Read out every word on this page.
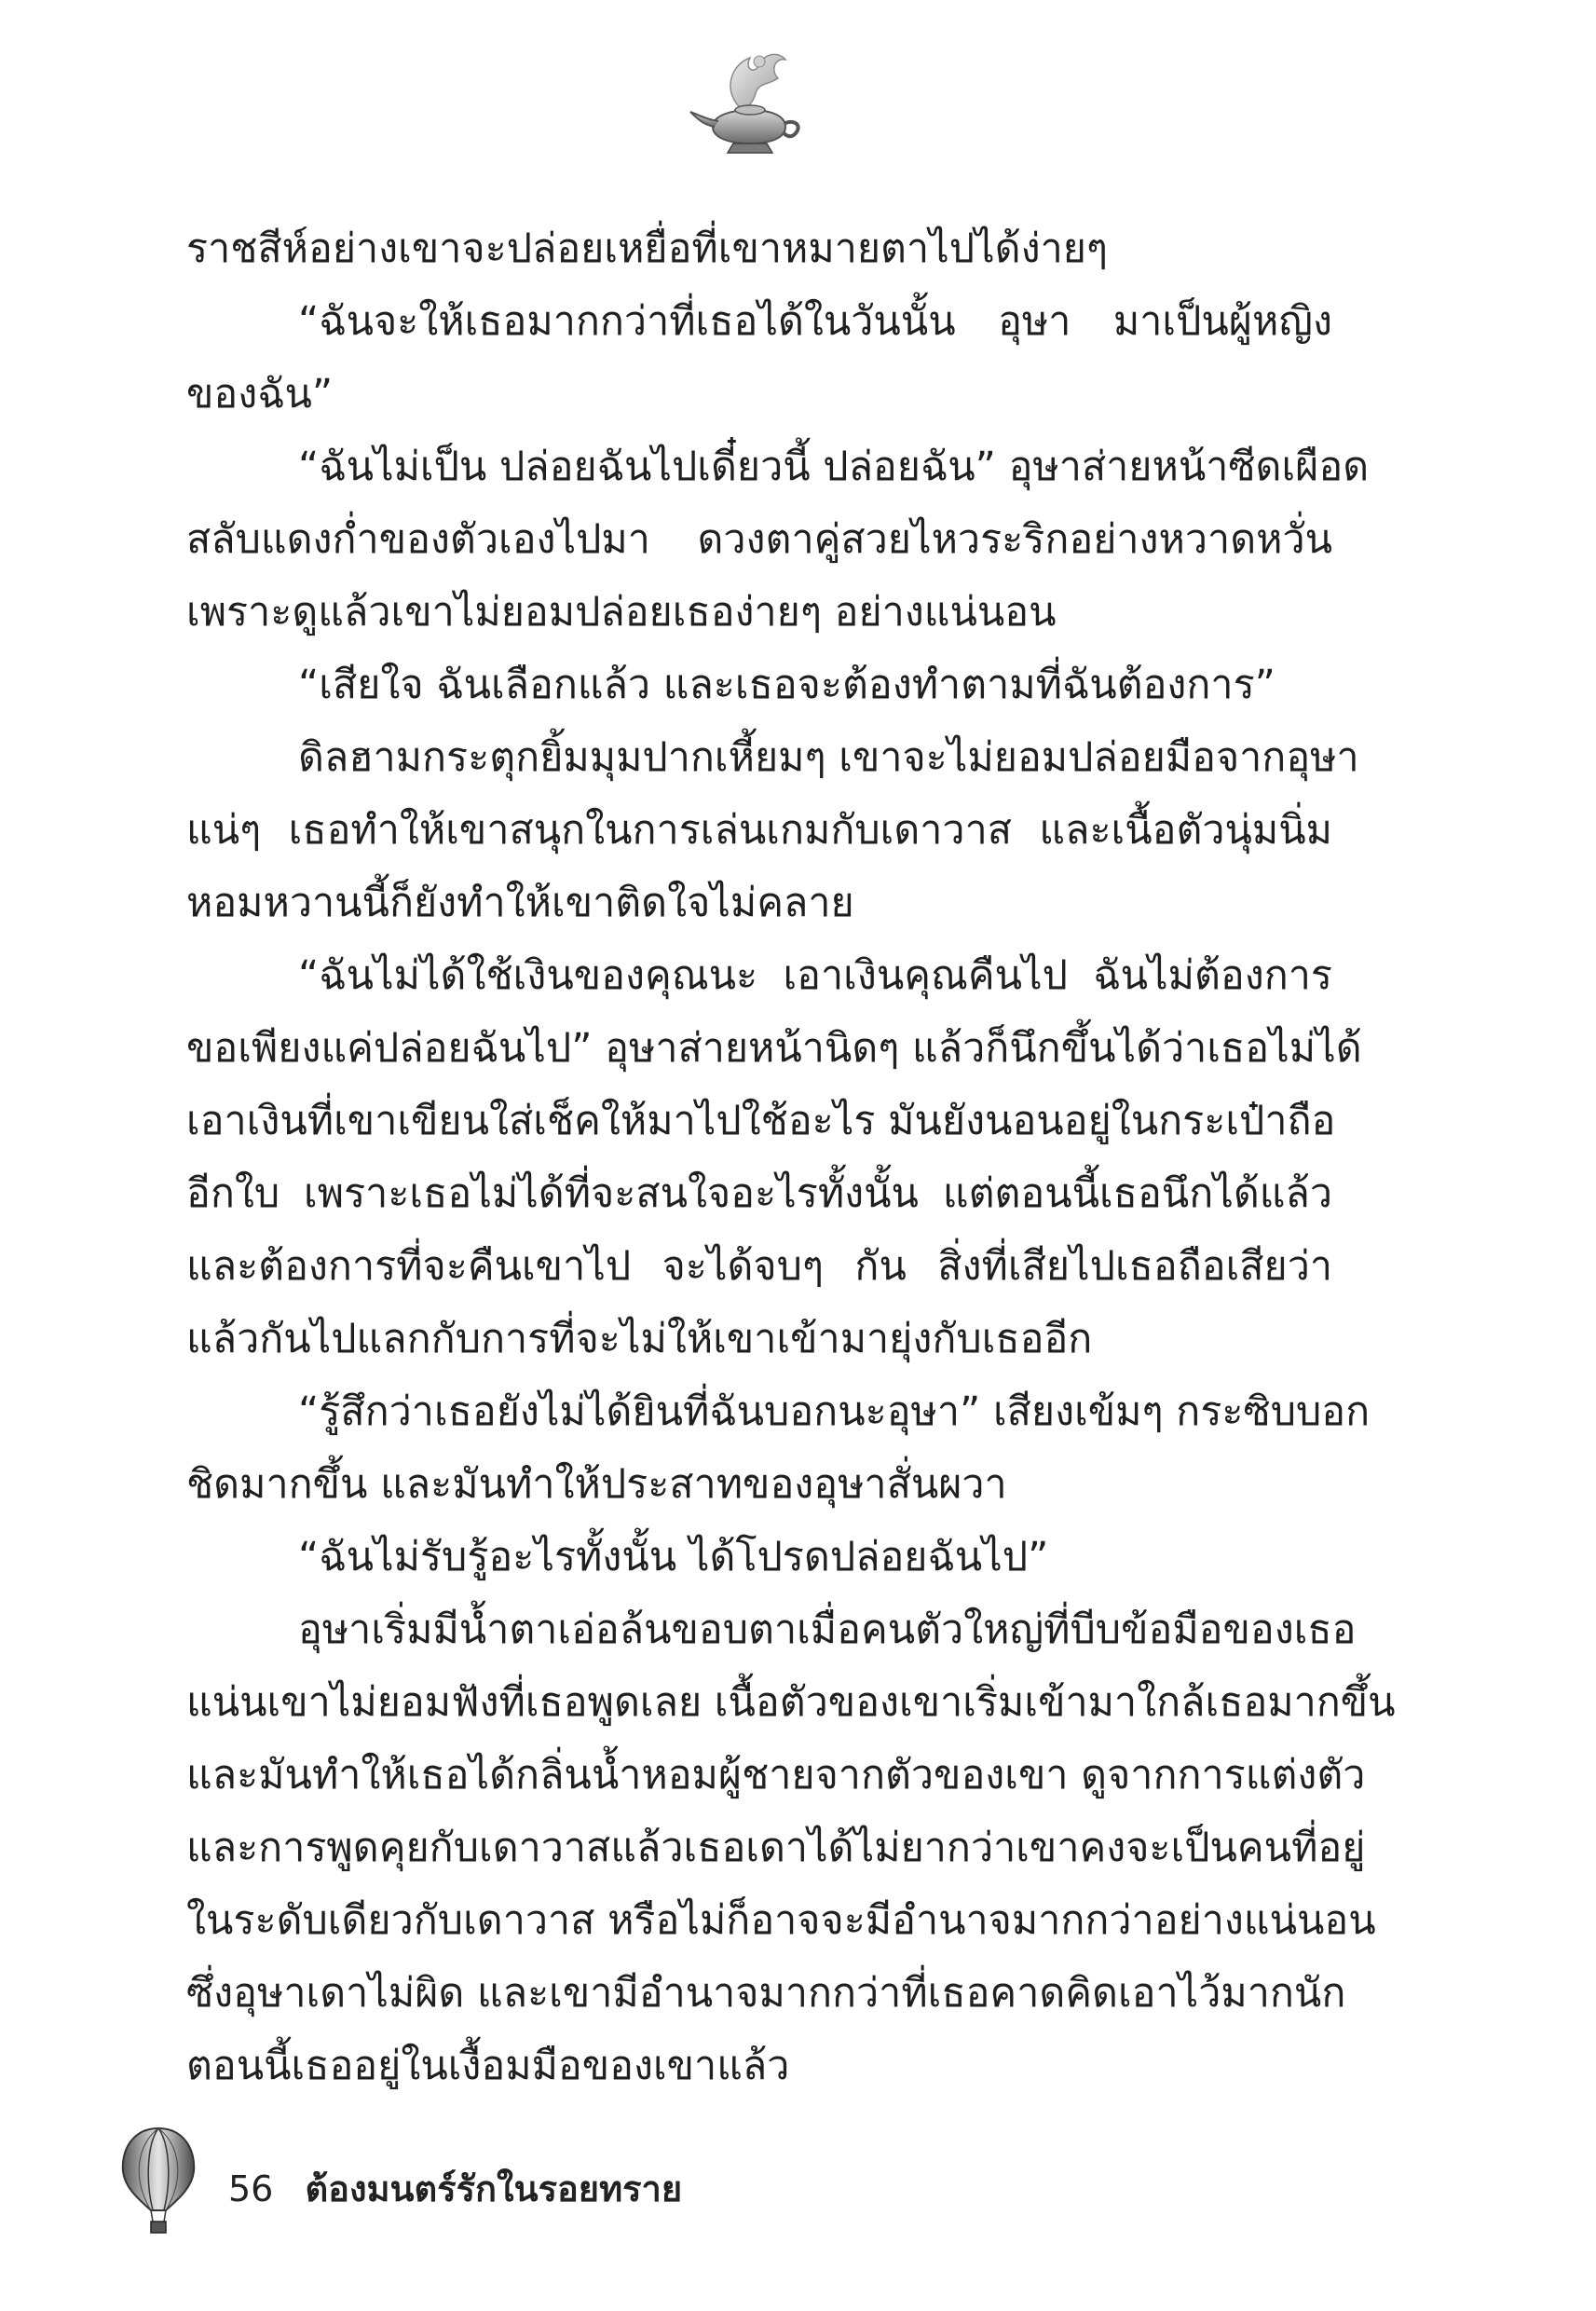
ราชสีห์อย่างเขาจะปล่อยเหยื่อที่เขาหมายตาไปได้ง่ายๆ
“ฉันจะให้เธอมากกว่าที่เธอได้ในวันนั้น อุษา มาเป็นผู้หญิง
ของฉัน”
“ฉันไม่เป็น ปล่อยฉันไปเดี๋ยวนี้ ปล่อยฉัน” อุษาส่ายหน้าซีดเผือด
สลับแดงก่ำของตัวเองไปมา ดวงตาคู่สวยไหวระริกอย่างหวาดหวั่น
เพราะดูแล้วเขาไม่ยอมปล่อยเธอง่ายๆ อย่างแน่นอน
“เสียใจ ฉันเลือกแล้ว และเธอจะต้องทำตามที่ฉันต้องการ”
ดิลฮามกระตุกยิ้มมุมปากเหี้ยมๆ เขาจะไม่ยอมปล่อยมือจากอุษา
แน่ๆ เธอทำให้เขาสนุกในการเล่นเกมกับเดาวาส และเนื้อตัวนุ่มนิ่ม
หอมหวานนี้ก็ยังทำให้เขาติดใจไม่คลาย
“ฉันไม่ได้ใช้เงินของคุณนะ เอาเงินคุณคืนไป ฉันไม่ต้องการ
ขอเพียงแค่ปล่อยฉันไป” อุษาส่ายหน้านิดๆ แล้วก็นึกขึ้นได้ว่าเธอไม่ได้
เอาเงินที่เขาเขียนใส่เช็คให้มาไปใช้อะไร มันยังนอนอยู่ในกระเป๋าถือ
อีกใบ เพราะเธอไม่ได้ที่จะสนใจอะไรทั้งนั้น แต่ตอนนี้เธอนึกได้แล้ว
และต้องการที่จะคืนเขาไป จะได้จบๆ กัน สิ่งที่เสียไปเธอถือเสียว่า
แล้วกันไปแลกกับการที่จะไม่ให้เขาเข้ามายุ่งกับเธออีก
“รู้สึกว่าเธอยังไม่ได้ยินที่ฉันบอกนะอุษา” เสียงเข้มๆ กระซิบบอก
ชิดมากขึ้น และมันทำให้ประสาทของอุษาสั่นผวา
“ฉันไม่รับรู้อะไรทั้งนั้น ได้โปรดปล่อยฉันไป”
อุษาเริ่มมีน้ำตาเอ่อล้นขอบตาเมื่อคนตัวใหญ่ที่บีบข้อมือของเธอ
แน่นเขาไม่ยอมฟังที่เธอพูดเลย เนื้อตัวของเขาเริ่มเข้ามาใกล้เธอมากขึ้น
และมันทำให้เธอได้กลิ่นน้ำหอมผู้ชายจากตัวของเขา ดูจากการแต่งตัว
และการพูดคุยกับเดาวาสแล้วเธอเดาได้ไม่ยากว่าเขาคงจะเป็นคนที่อยู่
ในระดับเดียวกับเดาวาส หรือไม่ก็อาจจะมีอำนาจมากกว่าอย่างแน่นอน
ซึ่งอุษาเดาไม่ผิด และเขามีอำนาจมากกว่าที่เธอคาดคิดเอาไว้มากนัก
ตอนนี้เธออยู่ในเงื้อมมือของเขาแล้ว
56 ต้องมนตร์รักในรอยทราย
